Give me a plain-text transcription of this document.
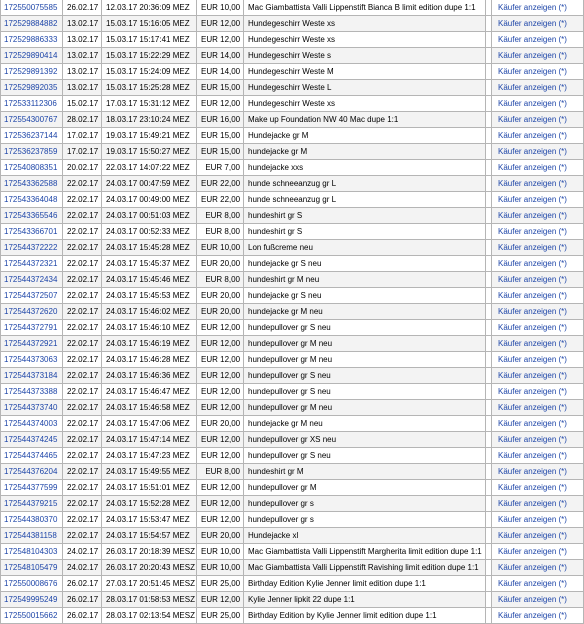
172550075585	26.02.17	12.03.17 20:36:09 MEZ	EUR 10,00	Mac Giambattista Valli Lippenstift Bianca B limit edition dupe 1:1		Käufer anzeigen (*)
172529884882	13.02.17	15.03.17 15:16:05 MEZ	EUR 12,00	Hundegeschirr Weste xs		Käufer anzeigen (*)
172529886333	13.02.17	15.03.17 15:17:41 MEZ	EUR 12,00	Hundegeschirr Weste xs		Käufer anzeigen (*)
172529890414	13.02.17	15.03.17 15:22:29 MEZ	EUR 14,00	Hundegeschirr Weste s		Käufer anzeigen (*)
172529891392	13.02.17	15.03.17 15:24:09 MEZ	EUR 14,00	Hundegeschirr Weste M		Käufer anzeigen (*)
172529892035	13.02.17	15.03.17 15:25:28 MEZ	EUR 15,00	Hundegeschirr Weste L		Käufer anzeigen (*)
172533112306	15.02.17	17.03.17 15:31:12 MEZ	EUR 12,00	Hundegeschirr Weste xs		Käufer anzeigen (*)
172554300767	28.02.17	18.03.17 23:10:24 MEZ	EUR 16,00	Make up Foundation NW 40 Mac dupe 1:1		Käufer anzeigen (*)
172536237144	17.02.17	19.03.17 15:49:21 MEZ	EUR 15,00	Hundejacke gr M		Käufer anzeigen (*)
172536237859	17.02.17	19.03.17 15:50:27 MEZ	EUR 15,00	hundejacke gr M		Käufer anzeigen (*)
172540808351	20.02.17	22.03.17 14:07:22 MEZ	EUR 7,00	hundejacke xxs		Käufer anzeigen (*)
172543362588	22.02.17	24.03.17 00:47:59 MEZ	EUR 22,00	hunde schneeanzug gr L		Käufer anzeigen (*)
172543364048	22.02.17	24.03.17 00:49:00 MEZ	EUR 22,00	hunde schneeanzug gr L		Käufer anzeigen (*)
172543365546	22.02.17	24.03.17 00:51:03 MEZ	EUR 8,00	hundeshirt gr S		Käufer anzeigen (*)
172543366701	22.02.17	24.03.17 00:52:33 MEZ	EUR 8,00	hundeshirt gr S		Käufer anzeigen (*)
172544372222	22.02.17	24.03.17 15:45:28 MEZ	EUR 10,00	Lon fußcreme neu		Käufer anzeigen (*)
172544372321	22.02.17	24.03.17 15:45:37 MEZ	EUR 20,00	hundejacke gr S neu		Käufer anzeigen (*)
172544372434	22.02.17	24.03.17 15:45:46 MEZ	EUR 8,00	hundeshirt gr M neu		Käufer anzeigen (*)
172544372507	22.02.17	24.03.17 15:45:53 MEZ	EUR 20,00	hundejacke gr S neu		Käufer anzeigen (*)
172544372620	22.02.17	24.03.17 15:46:02 MEZ	EUR 20,00	hundejacke gr M neu		Käufer anzeigen (*)
172544372791	22.02.17	24.03.17 15:46:10 MEZ	EUR 12,00	hundepullover gr S neu		Käufer anzeigen (*)
172544372921	22.02.17	24.03.17 15:46:19 MEZ	EUR 12,00	hundepullover gr M neu		Käufer anzeigen (*)
172544373063	22.02.17	24.03.17 15:46:28 MEZ	EUR 12,00	hundepullover gr M neu		Käufer anzeigen (*)
172544373184	22.02.17	24.03.17 15:46:36 MEZ	EUR 12,00	hundepullover gr S neu		Käufer anzeigen (*)
172544373388	22.02.17	24.03.17 15:46:47 MEZ	EUR 12,00	hundepullover gr S neu		Käufer anzeigen (*)
172544373740	22.02.17	24.03.17 15:46:58 MEZ	EUR 12,00	hundepullover gr M neu		Käufer anzeigen (*)
172544374003	22.02.17	24.03.17 15:47:06 MEZ	EUR 20,00	hundejacke gr M neu		Käufer anzeigen (*)
172544374245	22.02.17	24.03.17 15:47:14 MEZ	EUR 12,00	hundepullover gr XS neu		Käufer anzeigen (*)
172544374465	22.02.17	24.03.17 15:47:23 MEZ	EUR 12,00	hundepullover gr S neu		Käufer anzeigen (*)
172544376204	22.02.17	24.03.17 15:49:55 MEZ	EUR 8,00	hundeshirt gr M		Käufer anzeigen (*)
172544377599	22.02.17	24.03.17 15:51:01 MEZ	EUR 12,00	hundepullover gr M		Käufer anzeigen (*)
172544379215	22.02.17	24.03.17 15:52:28 MEZ	EUR 12,00	hundepullover gr s		Käufer anzeigen (*)
172544380370	22.02.17	24.03.17 15:53:47 MEZ	EUR 12,00	hundepullover gr s		Käufer anzeigen (*)
172544381158	22.02.17	24.03.17 15:54:57 MEZ	EUR 20,00	Hundejacke xl		Käufer anzeigen (*)
172548104303	24.02.17	26.03.17 20:18:39 MESZ	EUR 10,00	Mac Giambattista Valli Lippenstift Margherita limit edition dupe 1:1		Käufer anzeigen (*)
172548105479	24.02.17	26.03.17 20:20:43 MESZ	EUR 10,00	Mac Giambattista Valli Lippenstift Ravishing limit edition dupe 1:1		Käufer anzeigen (*)
172550008676	26.02.17	27.03.17 20:51:45 MESZ	EUR 25,00	Birthday Edition Kylie Jenner limit edition dupe 1:1		Käufer anzeigen (*)
172549995249	26.02.17	28.03.17 01:58:53 MESZ	EUR 12,00	Kylie Jenner lipkit 22 dupe 1:1		Käufer anzeigen (*)
172550015662	26.02.17	28.03.17 02:13:54 MESZ	EUR 25,00	Birthday Edition by Kylie Jenner limit edition dupe 1:1		Käufer anzeigen (*)
